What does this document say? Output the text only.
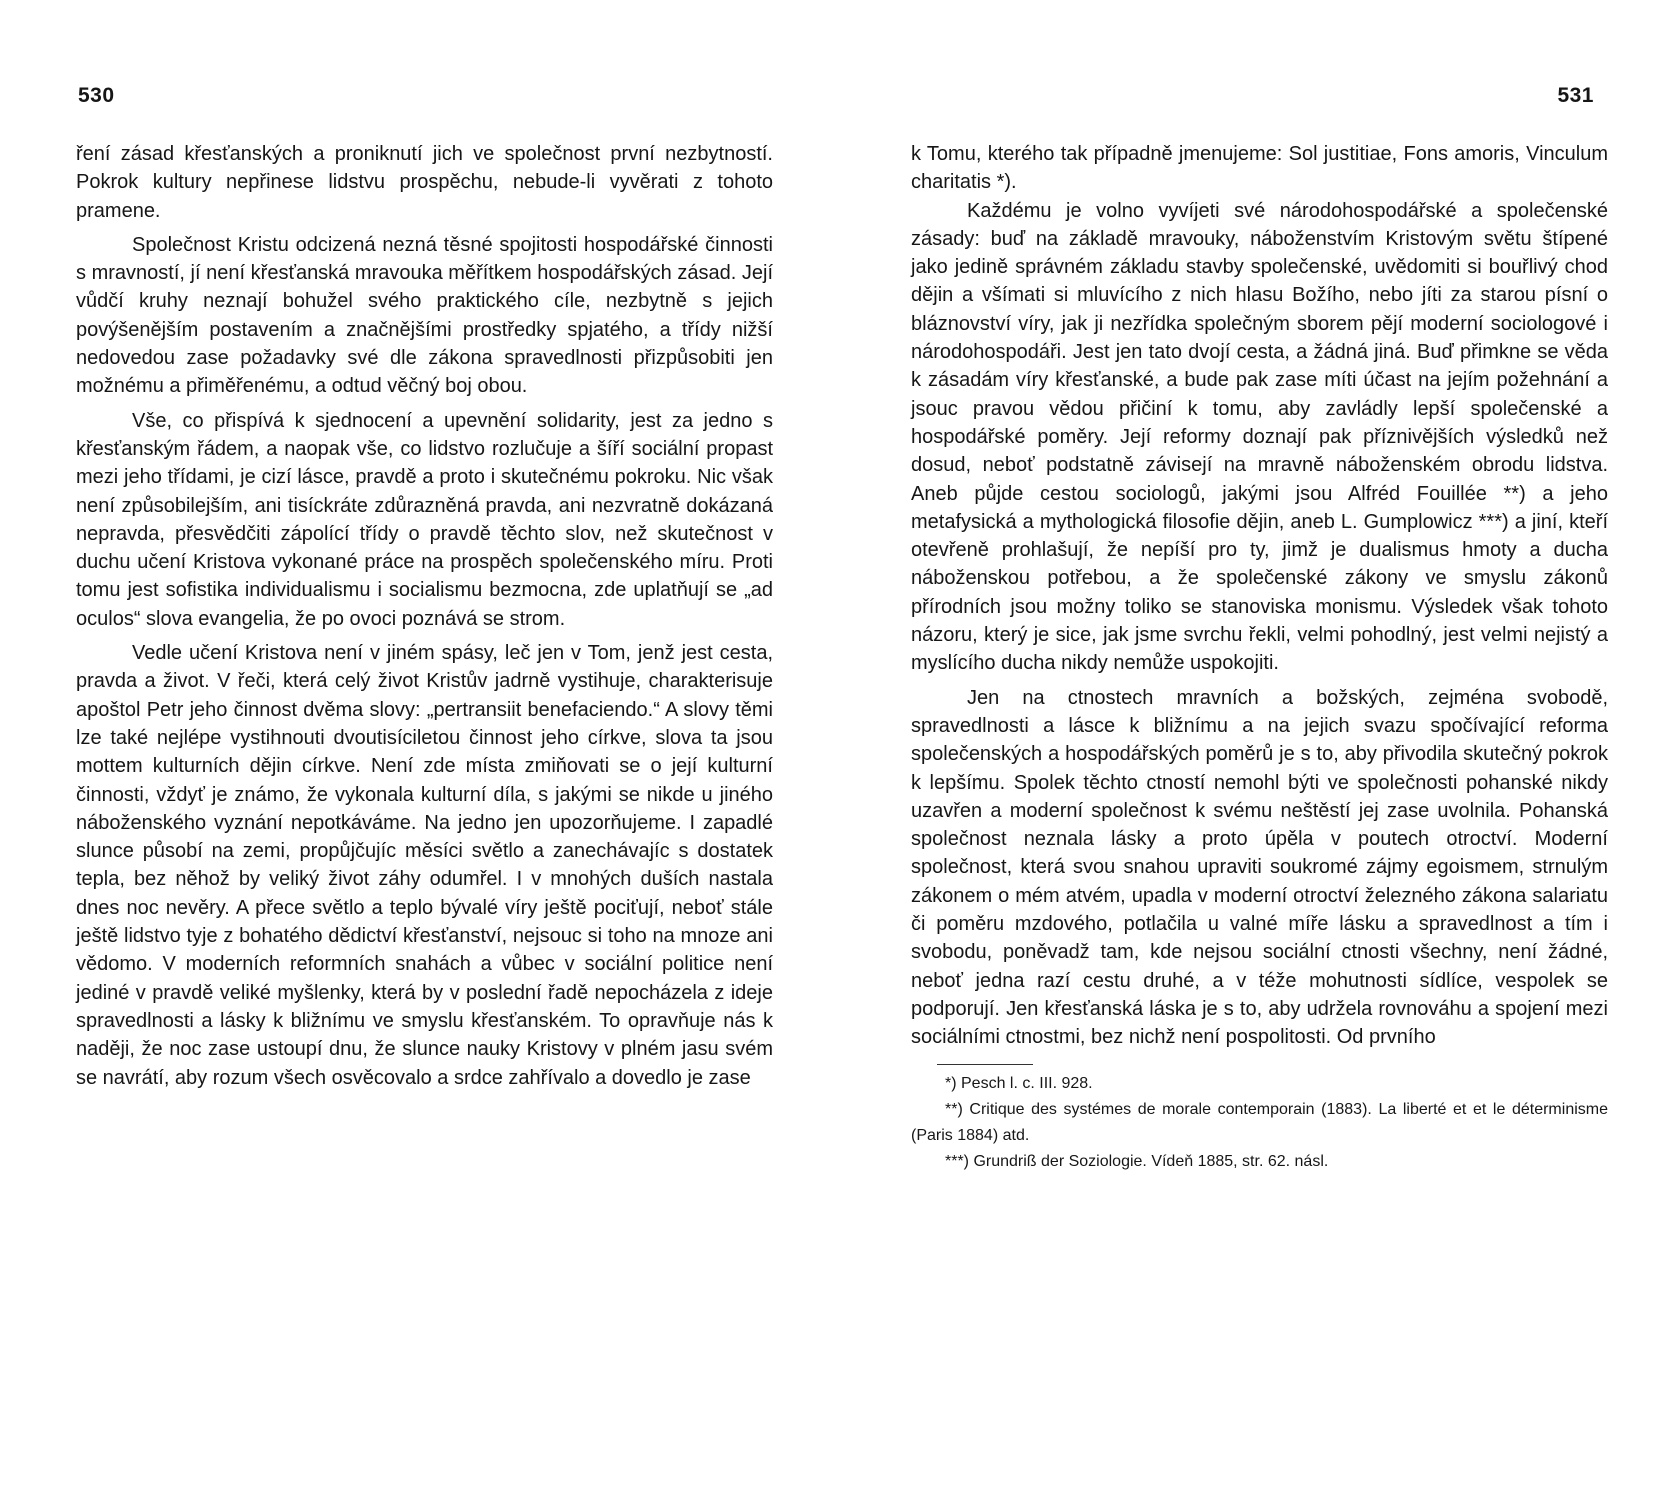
530

ření zásad křesťanských a proniknutí jich ve společnost první nezbytností. Pokrok kultury nepřinese lidstvu prospěchu, nebude-li vyvěrati z tohoto pramene.

Společnost Kristu odcizená nezná těsné spojitosti hospodářské činnosti s mravností, jí není křesťanská mravouka měřítkem hospodářských zásad. Její vůdčí kruhy neznají bohužel svého praktického cíle, nezbytně s jejich povýšenějším postavením a značnějšími prostředky spjatého, a třídy nižší nedovedou zase požadavky své dle zákona spravedlnosti přizpůsobiti jen možnému a přiměřenému, a odtud věčný boj obou.

Vše, co přispívá k sjednocení a upevnění solidarity, jest za jedno s křesťanským řádem, a naopak vše, co lidstvo rozlučuje a šíří sociální propast mezi jeho třídami, je cizí lásce, pravdě a proto i skutečnému pokroku. Nic však není způsobilejším, ani tisíckráte zdůrazněná pravda, ani nezvratně dokázaná nepravda, přesvědčiti zápolící třídy o pravdě těchto slov, než skutečnost v duchu učení Kristova vykonané práce na prospěch společenského míru. Proti tomu jest sofistika individualismu i socialismu bezmocna, zde uplatňují se „ad oculos“ slova evangelia, že po ovoci poznává se strom.

Vedle učení Kristova není v jiném spásy, leč jen v Tom, jenž jest cesta, pravda a život. V řeči, která celý život Kristův jadrně vystihuje, charakterisuje apoštol Petr jeho činnost dvěma slovy: „pertransiit benefaciendo.“ A slovy těmi lze také nejlépe vystihnouti dvoutisíciletou činnost jeho církve, slova ta jsou mottem kulturních dějin církve. Není zde místa zmiňovati se o její kulturní činnosti, vždyť je známo, že vykonala kulturní díla, s jakými se nikde u jiného náboženského vyznání nepotkáváme. Na jedno jen upozorňujeme. I zapadlé slunce působí na zemi, propůjčujíc měsíci světlo a zanechávajíc s dostatek tepla, bez něhož by veliký život záhy odumřel. I v mnohých duších nastala dnes noc nevěry. A přece světlo a teplo bývalé víry ještě pociťují, neboť stále ještě lidstvo tyje z bohatého dědictví křesťanství, nejsouc si toho na mnoze ani vědomo. V moderních reformních snahách a vůbec v sociální politice není jediné v pravdě veliké myšlenky, která by v poslední řadě nepocházela z ideje spravedlnosti a lásky k bližnímu ve smyslu křesťanském. To opravňuje nás k naději, že noc zase ustoupí dnu, že slunce nauky Kristovy v plném jasu svém se navrátí, aby rozum všech osvěcovalo a srdce zahřívalo a dovedlo je zase

531

k Tomu, kterého tak případně jmenujeme: Sol justitiae, Fons amoris, Vinculum charitatis *).

Každému je volno vyvíjeti své národohospodářské a společenské zásady: buď na základě mravouky, náboženstvím Kristovým světu štípené jako jedině správném základu stavby společenské, uvědomiti si bouřlivý chod dějin a všímati si mluvícího z nich hlasu Božího, nebo jíti za starou písní o bláznovství víry, jak ji nezřídka společným sborem pějí moderní sociologové i národohospodáři. Jest jen tato dvojí cesta, a žádná jiná. Buď přimkne se věda k zásadám víry křesťanské, a bude pak zase míti účast na jejím požehnání a jsouc pravou vědou přičiní k tomu, aby zavládly lepší společenské a hospodářské poměry. Její reformy doznají pak příznivějších výsledků než dosud, neboť podstatně závisejí na mravně náboženském obrodu lidstva. Aneb půjde cestou sociologů, jakými jsou Alfréd Fouillée **) a jeho metafysická a mythologická filosofie dějin, aneb L. Gumplowicz ***) a jiní, kteří otevřeně prohlašují, že nepíší pro ty, jimž je dualismus hmoty a ducha náboženskou potřebou, a že společenské zákony ve smyslu zákonů přírodních jsou možny toliko se stanoviska monismu. Výsledek však tohoto názoru, který je sice, jak jsme svrchu řekli, velmi pohodlný, jest velmi nejistý a myslícího ducha nikdy nemůže uspokojiti.

Jen na ctnostech mravních a božských, zejména svobodě, spravedlnosti a lásce k bližnímu a na jejich svazu spočívající reforma společenských a hospodářských poměrů je s to, aby přivodila skutečný pokrok k lepšímu. Spolek těchto ctností nemohl býti ve společnosti pohanské nikdy uzavřen a moderní společnost k svému neštěstí jej zase uvolnila. Pohanská společnost neznala lásky a proto úpěla v poutech otroctví. Moderní společnost, která svou snahou upraviti soukromé zájmy egoismem, strnulým zákonem o mém atvém, upadla v moderní otroctví železného zákona salariatu či poměru mzdového, potlačila u valné míře lásku a spravedlnost a tím i svobodu, poněvadž tam, kde nejsou sociální ctnosti všechny, není žádné, neboť jedna razí cestu druhé, a v téže mohutnosti sídlíce, vespolek se podporují. Jen křesťanská láska je s to, aby udržela rovnováhu a spojení mezi sociálními ctnostmi, bez nichž není pospolitosti. Od prvního

*) Pesch l. c. III. 928.

**) Critique des systémes de morale contemporain (1883). La liberté et et le déterminisme (Paris 1884) atd.

***) Grundriß der Soziologie. Vídeň 1885, str. 62. násl.
